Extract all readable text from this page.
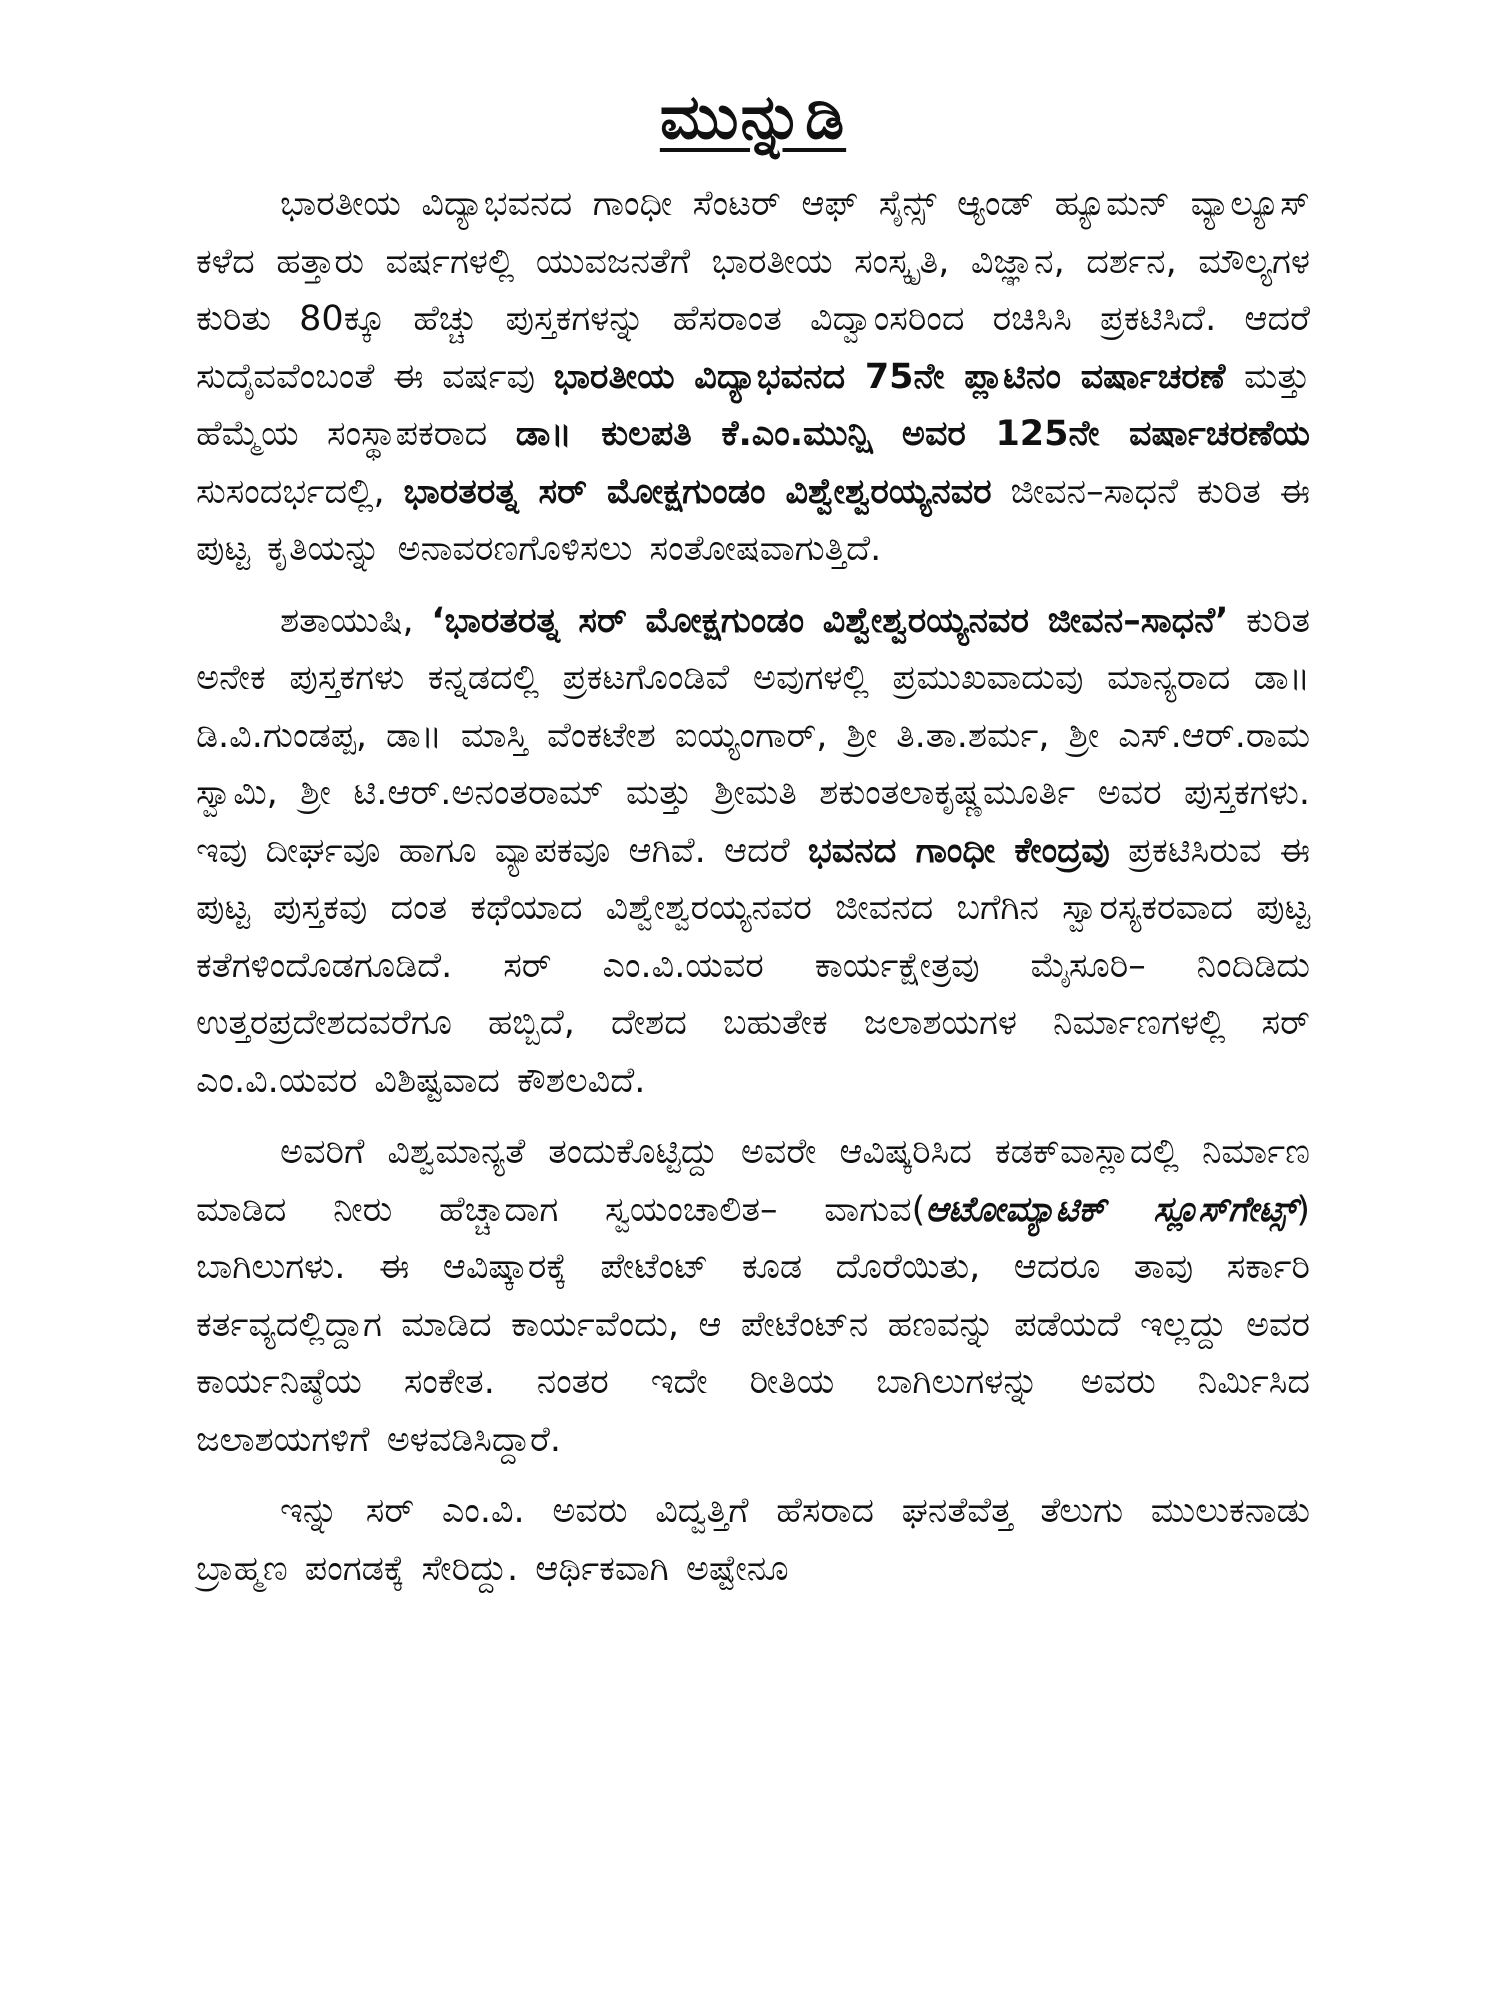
ಮುನ್ನುಡಿ

ಭಾರತೀಯ ವಿದ್ಯಾಭವನದ ಗಾಂಧೀ ಸೆಂಟರ್ ಆಫ್ ಸೈನ್ಸ್ ಆ್ಯಂಡ್ ಹ್ಯೂಮನ್ ವ್ಯಾಲ್ಯೂಸ್ ಕಳೆದ ಹತ್ತಾರು ವರ್ಷಗಳಲ್ಲಿ ಯುವಜನತೆಗೆ ಭಾರತೀಯ ಸಂಸ್ಕೃತಿ, ವಿಜ್ಞಾನ, ದರ್ಶನ, ಮೌಲ್ಯಗಳ ಕುರಿತು 80ಕ್ಕೂ ಹೆಚ್ಚು ಪುಸ್ತಕಗಳನ್ನು ಹೆಸರಾಂತ ವಿದ್ವಾಂಸರಿಂದ ರಚಿಸಿಸಿ ಪ್ರಕಟಿಸಿದೆ. ಆದರೆ ಸುದೈವವೆಂಬಂತೆ ಈ ವರ್ಷವು ಭಾರತೀಯ ವಿದ್ಯಾಭವನದ 75ನೇ ಪ್ಲಾಟಿನಂ ವರ್ಷಾಚರಣೆ ಮತ್ತು ಹೆಮ್ಮೆಯ ಸಂಸ್ಥಾಪಕರಾದ ಡಾ॥ ಕುಲಪತಿ ಕೆ.ಎಂ.ಮುನ್ಷಿ ಅವರ 125ನೇ ವರ್ಷಾಚರಣೆಯ ಸುಸಂದರ್ಭದಲ್ಲಿ, ಭಾರತರತ್ನ ಸರ್ ಮೋಕ್ಷಗುಂಡಂ ವಿಶ್ವೇಶ್ವರಯ್ಯನವರ ಜೀವನ–ಸಾಧನೆ ಕುರಿತ ಈ ಪುಟ್ಟ ಕೃತಿಯನ್ನು ಅನಾವರಣಗೊಳಿಸಲು ಸಂತೋಷವಾಗುತ್ತಿದೆ.

ಶತಾಯುಷಿ, ‘ಭಾರತರತ್ನ ಸರ್ ಮೋಕ್ಷಗುಂಡಂ ವಿಶ್ವೇಶ್ವರಯ್ಯನವರ ಜೀವನ–ಸಾಧನೆ’ ಕುರಿತ ಅನೇಕ ಪುಸ್ತಕಗಳು ಕನ್ನಡದಲ್ಲಿ ಪ್ರಕಟಗೊಂಡಿವೆ ಅವುಗಳಲ್ಲಿ ಪ್ರಮುಖವಾದುವು ಮಾನ್ಯರಾದ ಡಾ॥ ಡಿ.ವಿ.ಗುಂಡಪ್ಪ, ಡಾ॥ ಮಾಸ್ತಿ ವೆಂಕಟೇಶ ಐಯ್ಯಂಗಾರ್, ಶ್ರೀ ತಿ.ತಾ.ಶರ್ಮ, ಶ್ರೀ ಎಸ್.ಆರ್.ರಾಮ ಸ್ವಾಮಿ, ಶ್ರೀ ಟಿ.ಆರ್.ಅನಂತರಾಮ್ ಮತ್ತು ಶ್ರೀಮತಿ ಶಕುಂತಲಾಕೃಷ್ಣಮೂರ್ತಿ ಅವರ ಪುಸ್ತಕಗಳು. ಇವು ದೀರ್ಘವೂ ಹಾಗೂ ವ್ಯಾಪಕವೂ ಆಗಿವೆ. ಆದರೆ ಭವನದ ಗಾಂಧೀ ಕೇಂದ್ರವು ಪ್ರಕಟಿಸಿರುವ ಈ ಪುಟ್ಟ ಪುಸ್ತಕವು ದಂತ ಕಥೆಯಾದ ವಿಶ್ವೇಶ್ವರಯ್ಯನವರ ಜೀವನದ ಬಗೆಗಿನ ಸ್ವಾರಸ್ಯಕರವಾದ ಪುಟ್ಟ ಕತೆಗಳಿಂದೊಡಗೂಡಿದೆ. ಸರ್ ಎಂ.ವಿ.ಯವರ ಕಾರ್ಯಕ್ಷೇತ್ರವು ಮೈಸೂರಿ– ನಿಂದಿಡಿದು ಉತ್ತರಪ್ರದೇಶದವರೆಗೂ ಹಬ್ಬಿದೆ, ದೇಶದ ಬಹುತೇಕ ಜಲಾಶಯಗಳ ನಿರ್ಮಾಣಗಳಲ್ಲಿ ಸರ್ ಎಂ.ವಿ.ಯವರ ವಿಶಿಷ್ಟವಾದ ಕೌಶಲವಿದೆ.

ಅವರಿಗೆ ವಿಶ್ವಮಾನ್ಯತೆ ತಂದುಕೊಟ್ಟಿದ್ದು ಅವರೇ ಆವಿಷ್ಕರಿಸಿದ ಕಡಕ್‌ವಾಸ್ಲಾದಲ್ಲಿ ನಿರ್ಮಾಣ ಮಾಡಿದ ನೀರು ಹೆಚ್ಚಾದಾಗ ಸ್ವಯಂಚಾಲಿತ– ವಾಗುವ(ಆಟೋಮ್ಯಾಟಿಕ್ ಸ್ಲೂಸ್‌ಗೇಟ್ಸ್) ಬಾಗಿಲುಗಳು. ಈ ಆವಿಷ್ಕಾರಕ್ಕೆ ಪೇಟೆಂಟ್ ಕೂಡ ದೊರೆಯಿತು, ಆದರೂ ತಾವು ಸರ್ಕಾರಿ ಕರ್ತವ್ಯದಲ್ಲಿದ್ದಾಗ ಮಾಡಿದ ಕಾರ್ಯವೆಂದು, ಆ ಪೇಟೆಂಟ್‌ನ ಹಣವನ್ನು ಪಡೆಯದೆ ಇಲ್ಲದ್ದು ಅವರ ಕಾರ್ಯನಿಷ್ಠೆಯ ಸಂಕೇತ. ನಂತರ ಇದೇ ರೀತಿಯ ಬಾಗಿಲುಗಳನ್ನು ಅವರು ನಿರ್ಮಿಸಿದ ಜಲಾಶಯಗಳಿಗೆ ಅಳವಡಿಸಿದ್ದಾರೆ.

ಇನ್ನು ಸರ್ ಎಂ.ವಿ. ಅವರು ವಿದ್ವತ್ತಿಗೆ ಹೆಸರಾದ ಘನತೆವೆತ್ತ ತೆಲುಗು ಮುಲುಕನಾಡು ಬ್ರಾಹ್ಮಣ ಪಂಗಡಕ್ಕೆ ಸೇರಿದ್ದು. ಆರ್ಥಿಕವಾಗಿ ಅಷ್ಟೇನೂ
